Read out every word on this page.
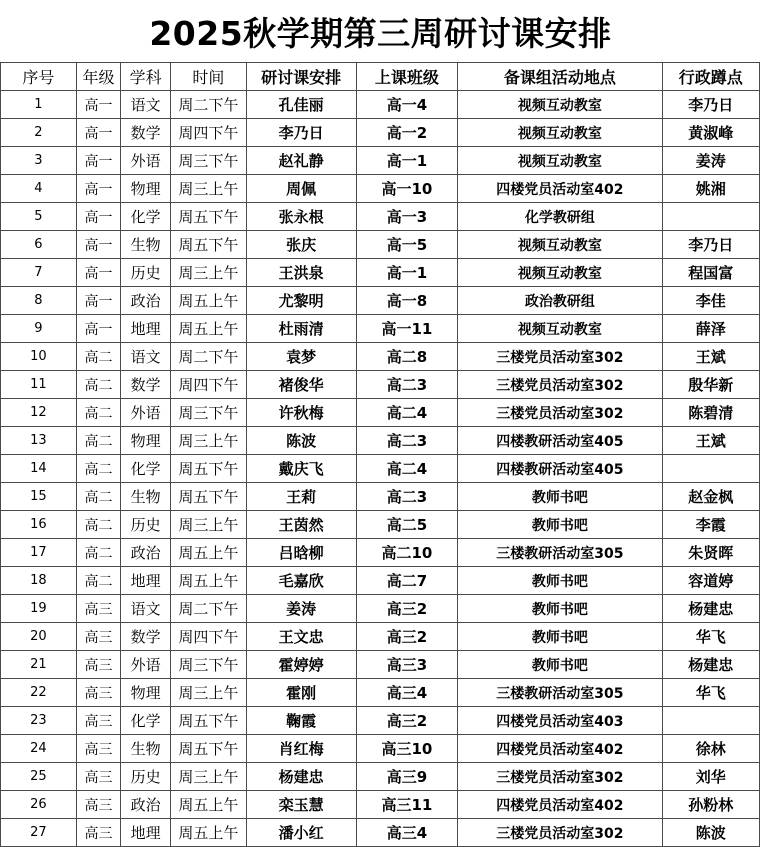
2025秋学期第三周研讨课安排
序号	年级	学科	时间	研讨课安排	上课班级	备课组活动地点	行政蹲点
1	高一	语文	周二下午	孔佳丽	高一4	视频互动教室	李乃日
2	高一	数学	周四下午	李乃日	高一2	视频互动教室	黄淑峰
3	高一	外语	周三下午	赵礼静	高一1	视频互动教室	姜涛
4	高一	物理	周三上午	周佩	高一10	四楼党员活动室402	姚湘
5	高一	化学	周五下午	张永根	高一3	化学教研组	
6	高一	生物	周五下午	张庆	高一5	视频互动教室	李乃日
7	高一	历史	周三上午	王洪泉	高一1	视频互动教室	程国富
8	高一	政治	周五上午	尤黎明	高一8	政治教研组	李佳
9	高一	地理	周五上午	杜雨清	高一11	视频互动教室	薛泽
10	高二	语文	周二下午	袁梦	高二8	三楼党员活动室302	王斌
11	高二	数学	周四下午	褚俊华	高二3	三楼党员活动室302	殷华新
12	高二	外语	周三下午	许秋梅	高二4	三楼党员活动室302	陈碧清
13	高二	物理	周三上午	陈波	高二3	四楼教研活动室405	王斌
14	高二	化学	周五下午	戴庆飞	高二4	四楼教研活动室405	
15	高二	生物	周五下午	王莉	高二3	教师书吧	赵金枫
16	高二	历史	周三上午	王茵然	高二5	教师书吧	李霞
17	高二	政治	周五上午	吕晗柳	高二10	三楼教研活动室305	朱贤晖
18	高二	地理	周五上午	毛嘉欣	高二7	教师书吧	容道婷
19	高三	语文	周二下午	姜涛	高三2	教师书吧	杨建忠
20	高三	数学	周四下午	王文忠	高三2	教师书吧	华飞
21	高三	外语	周三下午	霍婷婷	高三3	教师书吧	杨建忠
22	高三	物理	周三上午	霍刚	高三4	三楼教研活动室305	华飞
23	高三	化学	周五下午	鞠霞	高三2	四楼党员活动室403	
24	高三	生物	周五下午	肖红梅	高三10	四楼党员活动室402	徐林
25	高三	历史	周三上午	杨建忠	高三9	三楼党员活动室302	刘华
26	高三	政治	周五上午	栾玉慧	高三11	四楼党员活动室402	孙粉林
27	高三	地理	周五上午	潘小红	高三4	三楼党员活动室302	陈波
